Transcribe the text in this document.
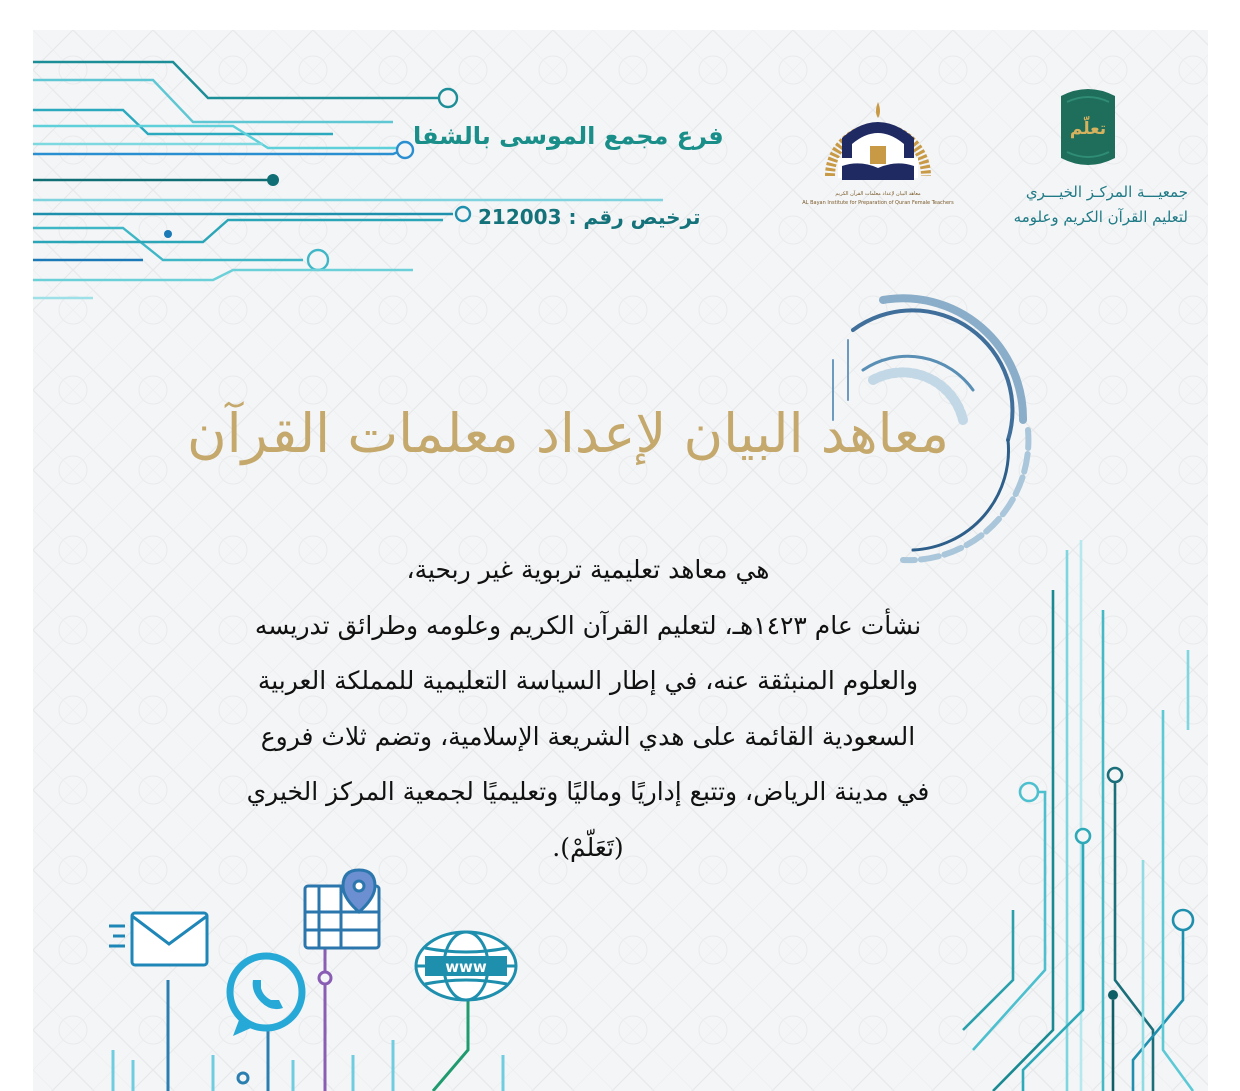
فرع مجمع الموسى بالشفا
ترخيص رقم : 212003
معاهد البيان لإعداد معلمات القرآن الكريم
AL Bayan Institute for Preparation of Quran Female Teachers
تعلّم
جمعيـــة المركـز الخيـــري
لتعليم القرآن الكريم وعلومه
معاهد البيان لإعداد معلمات القرآن
هي معاهد تعليمية تربوية غير ربحية،
نشأت عام ١٤٢٣هـ، لتعليم القرآن الكريم وعلومه وطرائق تدريسه
والعلوم المنبثقة عنه، في إطار السياسة التعليمية للمملكة العربية
السعودية القائمة على هدي الشريعة الإسلامية، وتضم ثلاث فروع
في مدينة الرياض، وتتبع إداريًا وماليًا وتعليميًا لجمعية المركز الخيري
(تَعَلّمْ).
www
